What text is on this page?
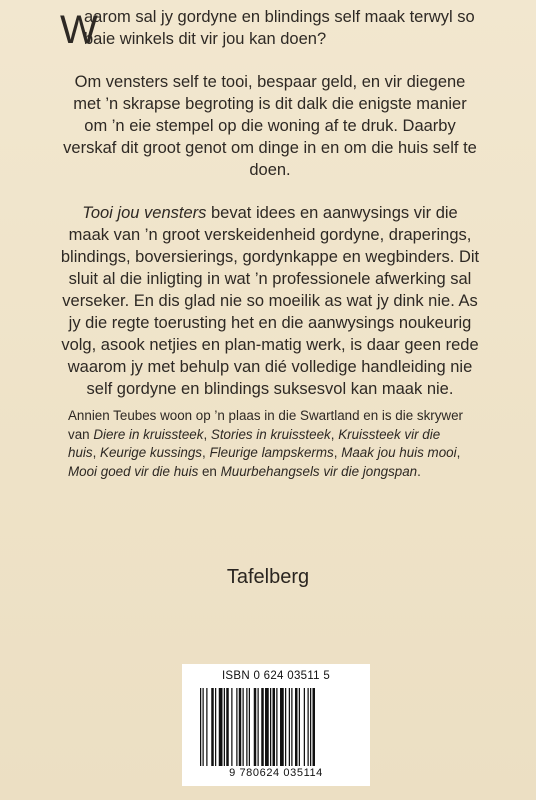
W
aarom sal jy gordyne en blindings self maak terwyl so baie winkels dit vir jou kan doen?

Om vensters self te tooi, bespaar geld, en vir diegene met ’n skrapse begroting is dit dalk die enigste manier om ’n eie stempel op die woning af te druk. Daarby verskaf dit groot genot om dinge in en om die huis self te doen.

Tooi jou vensters bevat idees en aanwysings vir die maak van ’n groot verskeidenheid gordyne, draperings, blindings, boversierings, gordynkappe en wegbinders. Dit sluit al die inligting in wat ’n professionele afwerking sal verseker. En dis glad nie so moeilik as wat jy dink nie. As jy die regte toerusting het en die aanwysings noukeurig volg, asook netjies en plan-matig werk, is daar geen rede waarom jy met behulp van dié volledige handleiding nie self gordyne en blindings suksesvol kan maak nie.

Annien Teubes woon op ’n plaas in die Swartland en is die skrywer van Diere in kruissteek, Stories in kruissteek, Kruissteek vir die huis, Keurige kussings, Fleurige lampskerms, Maak jou huis mooi, Mooi goed vir die huis en Muurbehangsels vir die jongspan.
Tafelberg
ISBN 0 624 03511 5
9 780624 035114
